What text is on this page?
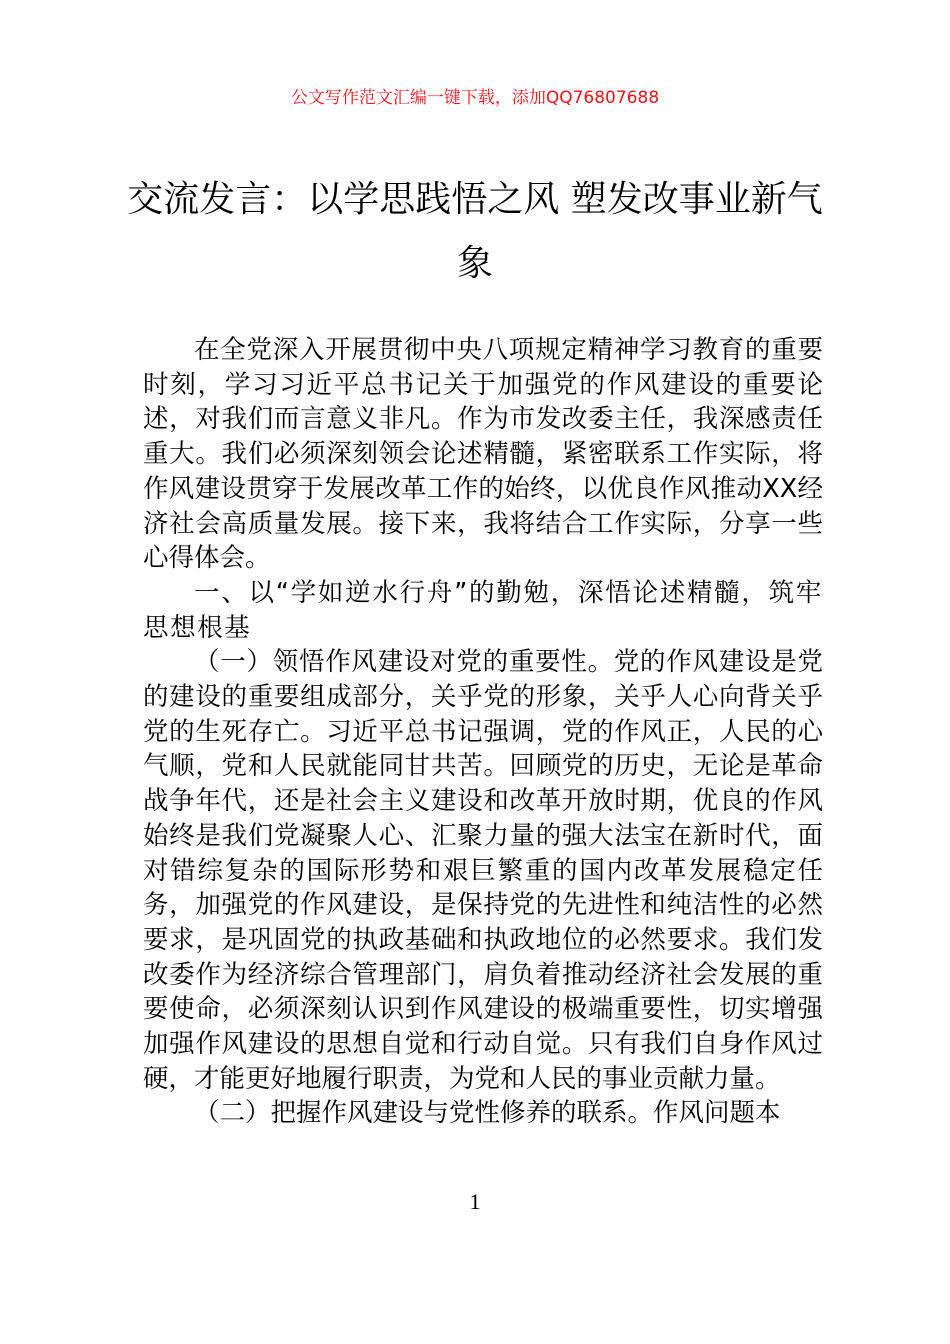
公文写作范文汇编一键下载，添加QQ76807688
交流发言：以学思践悟之风 塑发改事业新气象

在全党深入开展贯彻中央八项规定精神学习教育的重要时刻，学习习近平总书记关于加强党的作风建设的重要论述，对我们而言意义非凡。作为市发改委主任，我深感责任重大。我们必须深刻领会论述精髓，紧密联系工作实际，将作风建设贯穿于发展改革工作的始终，以优良作风推动XX经济社会高质量发展。接下来，我将结合工作实际，分享一些心得体会。

一、以“学如逆水行舟”的勤勉，深悟论述精髓，筑牢思想根基

（一）领悟作风建设对党的重要性。党的作风建设是党的建设的重要组成部分，关乎党的形象，关乎人心向背关乎党的生死存亡。习近平总书记强调，党的作风正，人民的心气顺，党和人民就能同甘共苦。回顾党的历史，无论是革命战争年代，还是社会主义建设和改革开放时期，优良的作风始终是我们党凝聚人心、汇聚力量的强大法宝在新时代，面对错综复杂的国际形势和艰巨繁重的国内改革发展稳定任务，加强党的作风建设，是保持党的先进性和纯洁性的必然要求，是巩固党的执政基础和执政地位的必然要求。我们发改委作为经济综合管理部门，肩负着推动经济社会发展的重要使命，必须深刻认识到作风建设的极端重要性，切实增强加强作风建设的思想自觉和行动自觉。只有我们自身作风过硬，才能更好地履行职责，为党和人民的事业贡献力量。

（二）把握作风建设与党性修养的联系。作风问题本

1
